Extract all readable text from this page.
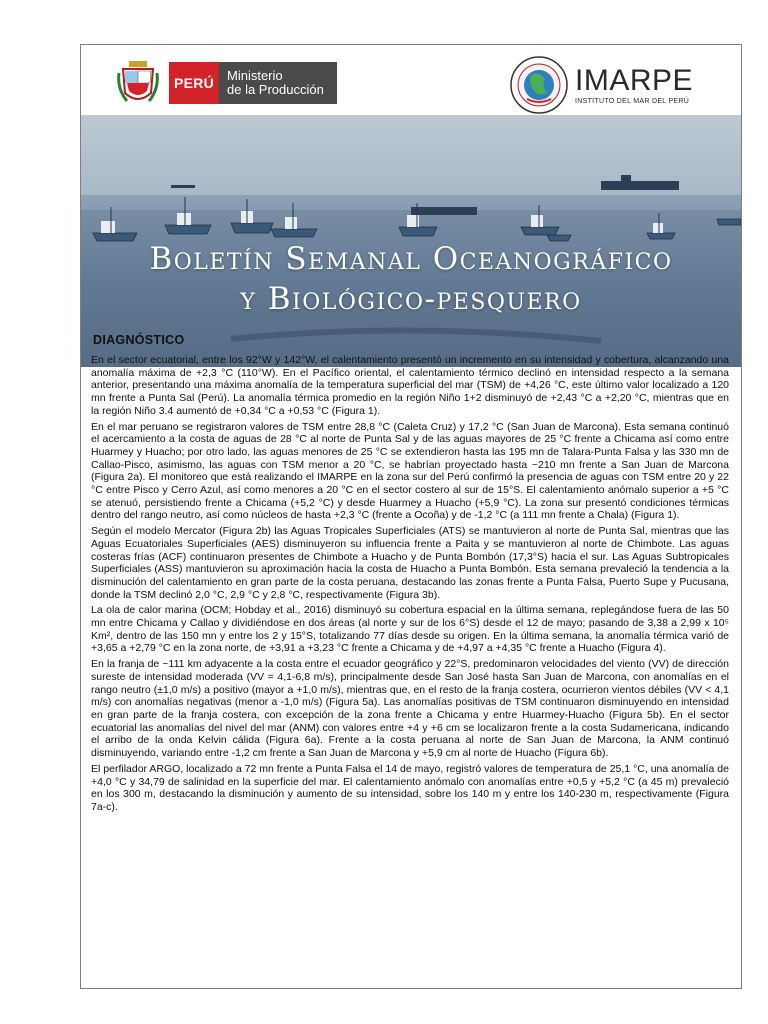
PERÚ Ministerio
de la Producción	IMARPE
INSTITUTO DEL MAR DEL PERÚ
Boletín Semanal Oceanográfico
y Biológico-pesquero
DIAGNÓSTICO

En el sector ecuatorial, entre los 92°W y 142°W, el calentamiento presentó un incremento en su intensidad y cobertura, alcanzando una anomalía máxima de +2,3 °C (110°W). En el Pacífico oriental, el calentamiento térmico declinó en intensidad respecto a la semana anterior, presentando una máxima anomalía de la temperatura superficial del mar (TSM) de +4,26 °C, este último valor localizado a 120 mn frente a Punta Sal (Perú). La anomalía térmica promedio en la región Niño 1+2 disminuyó de +2,43 °C a +2,20 °C, mientras que en la región Niño 3.4 aumentó de +0,34 °C a +0,53 °C (Figura 1).

En el mar peruano se registraron valores de TSM entre 28,8 °C (Caleta Cruz) y 17,2 °C (San Juan de Marcona). Esta semana continuó el acercamiento a la costa de aguas de 28 °C al norte de Punta Sal y de las aguas mayores de 25 °C frente a Chicama así como entre Huarmey y Huacho; por otro lado, las aguas menores de 25 °C se extendieron hasta las 195 mn de Talara-Punta Falsa y las 330 mn de Callao-Pisco, asimismo, las aguas con TSM menor a 20 °C, se habrían proyectado hasta ~210 mn frente a San Juan de Marcona (Figura 2a). El monitoreo que está realizando el IMARPE en la zona sur del Perú confirmó la presencia de aguas con TSM entre 20 y 22 °C entre Pisco y Cerro Azul, así como menores a 20 °C en el sector costero al sur de 15°S. El calentamiento anómalo superior a +5 °C se atenuó, persistiendo frente a Chicama (+5,2 °C) y desde Huarmey a Huacho (+5,9 °C). La zona sur presentó condiciones térmicas dentro del rango neutro, así como núcleos de hasta +2,3 °C (frente a Ocoña) y de -1,2 °C (a 111 mn frente a Chala) (Figura 1).

Según el modelo Mercator (Figura 2b) las Aguas Tropicales Superficiales (ATS) se mantuvieron al norte de Punta Sal, mientras que las Aguas Ecuatoriales Superficiales (AES) disminuyeron su influencia frente a Paita y se mantuvieron al norte de Chimbote. Las aguas costeras frías (ACF) continuaron presentes de Chimbote a Huacho y de Punta Bombón (17,3°S) hacia el sur. Las Aguas Subtropicales Superficiales (ASS) mantuvieron su aproximación hacia la costa de Huacho a Punta Bombón. Esta semana prevaleció la tendencia a la disminución del calentamiento en gran parte de la costa peruana, destacando las zonas frente a Punta Falsa, Puerto Supe y Pucusana, donde la TSM declinó 2,0 °C, 2,9 °C y 2,8 °C, respectivamente (Figura 3b).

La ola de calor marina (OCM; Hobday et al., 2016) disminuyó su cobertura espacial en la última semana, replegándose fuera de las 50 mn entre Chicama y Callao y dividiéndose en dos áreas (al norte y sur de los 6°S) desde el 12 de mayo; pasando de 3,38 a 2,99 x 10⁵ Km², dentro de las 150 mn y entre los 2 y 15°S, totalizando 77 días desde su origen. En la última semana, la anomalía térmica varió de +3,65 a +2,79 °C en la zona norte, de +3,91 a +3,23 °C frente a Chicama y de +4,97 a +4,35 °C frente a Huacho (Figura 4).

En la franja de ~111 km adyacente a la costa entre el ecuador geográfico y 22°S, predominaron velocidades del viento (VV) de dirección sureste de intensidad moderada (VV = 4,1-6,8 m/s), principalmente desde San José hasta San Juan de Marcona, con anomalías en el rango neutro (±1,0 m/s) a positivo (mayor a +1,0 m/s), mientras que, en el resto de la franja costera, ocurrieron vientos débiles (VV < 4,1 m/s) con anomalías negativas (menor a -1,0 m/s) (Figura 5a). Las anomalías positivas de TSM continuaron disminuyendo en intensidad en gran parte de la franja costera, con excepción de la zona frente a Chicama y entre Huarmey-Huacho (Figura 5b). En el sector ecuatorial las anomalías del nivel del mar (ANM) con valores entre +4 y +6 cm se localizaron frente a la costa Sudamericana, indicando el arribo de la onda Kelvin cálida (Figura 6a). Frente a la costa peruana al norte de San Juan de Marcona, la ANM continuó disminuyendo, variando entre -1,2 cm frente a San Juan de Marcona y +5,9 cm al norte de Huacho (Figura 6b).

El perfilador ARGO, localizado a 72 mn frente a Punta Falsa el 14 de mayo, registró valores de temperatura de 25,1 °C, una anomalía de +4,0 °C y 34,79 de salinidad en la superficie del mar. El calentamiento anómalo con anomalías entre +0,5 y +5,2 °C (a 45 m) prevaleció en los 300 m, destacando la disminución y aumento de su intensidad, sobre los 140 m y entre los 140-230 m, respectivamente (Figura 7a-c).
